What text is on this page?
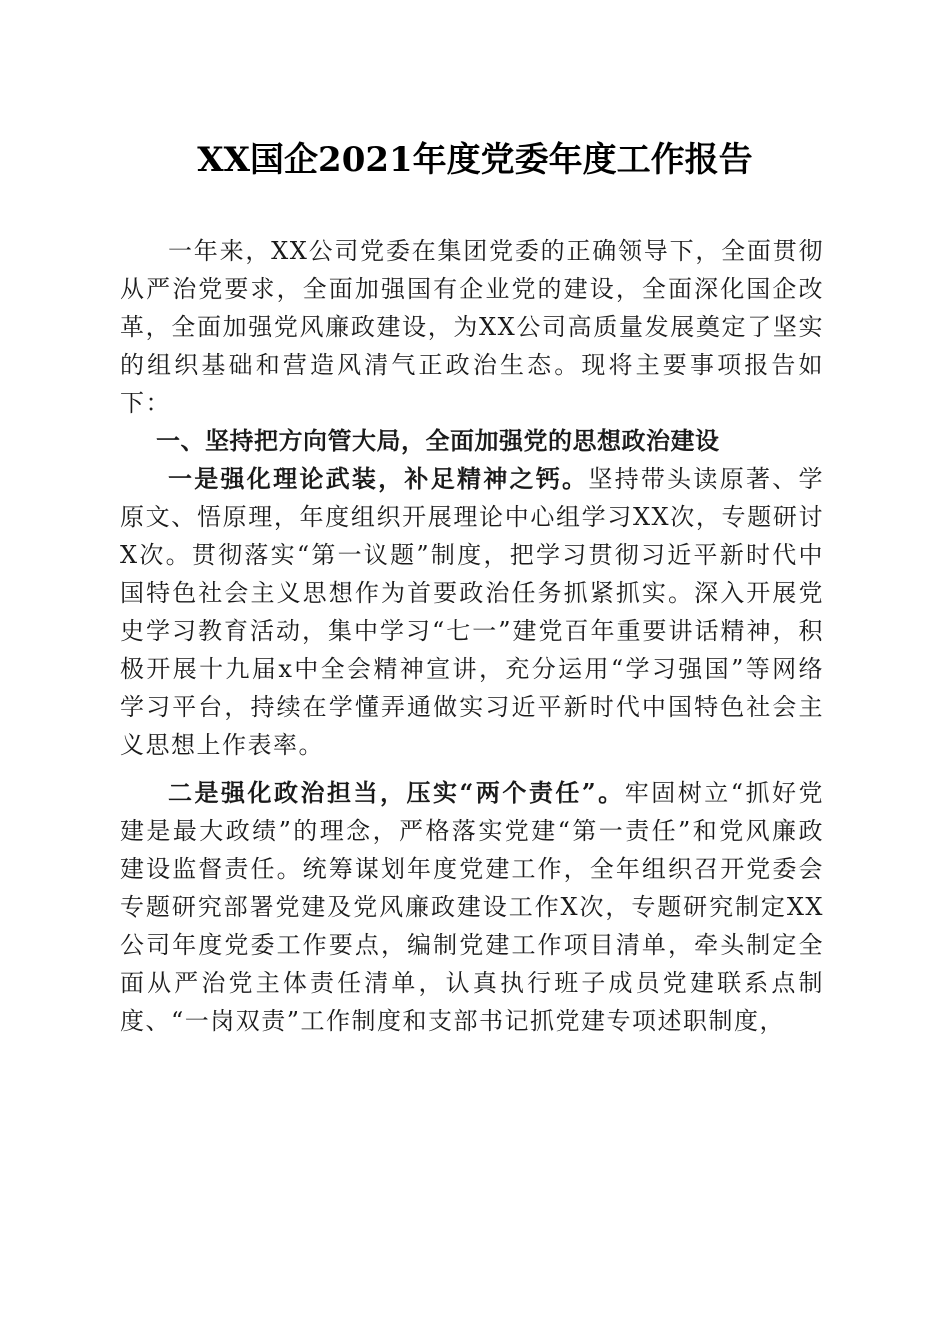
XX国企2021年度党委年度工作报告

一年来，XX公司党委在集团党委的正确领导下，全面贯彻从严治党要求，全面加强国有企业党的建设，全面深化国企改革，全面加强党风廉政建设，为XX公司高质量发展奠定了坚实的组织基础和营造风清气正政治生态。现将主要事项报告如下：

一、坚持把方向管大局，全面加强党的思想政治建设

一是强化理论武装，补足精神之钙。坚持带头读原著、学原文、悟原理，年度组织开展理论中心组学习XX次，专题研讨X次。贯彻落实“第一议题”制度，把学习贯彻习近平新时代中国特色社会主义思想作为首要政治任务抓紧抓实。深入开展党史学习教育活动，集中学习“七一”建党百年重要讲话精神，积极开展十九届x中全会精神宣讲，充分运用“学习强国”等网络学习平台，持续在学懂弄通做实习近平新时代中国特色社会主义思想上作表率。

二是强化政治担当，压实“两个责任”。牢固树立“抓好党建是最大政绩”的理念，严格落实党建“第一责任”和党风廉政建设监督责任。统筹谋划年度党建工作，全年组织召开党委会专题研究部署党建及党风廉政建设工作X次，专题研究制定XX公司年度党委工作要点，编制党建工作项目清单，牵头制定全面从严治党主体责任清单，认真执行班子成员党建联系点制度、“一岗双责”工作制度和支部书记抓党建专项述职制度，
